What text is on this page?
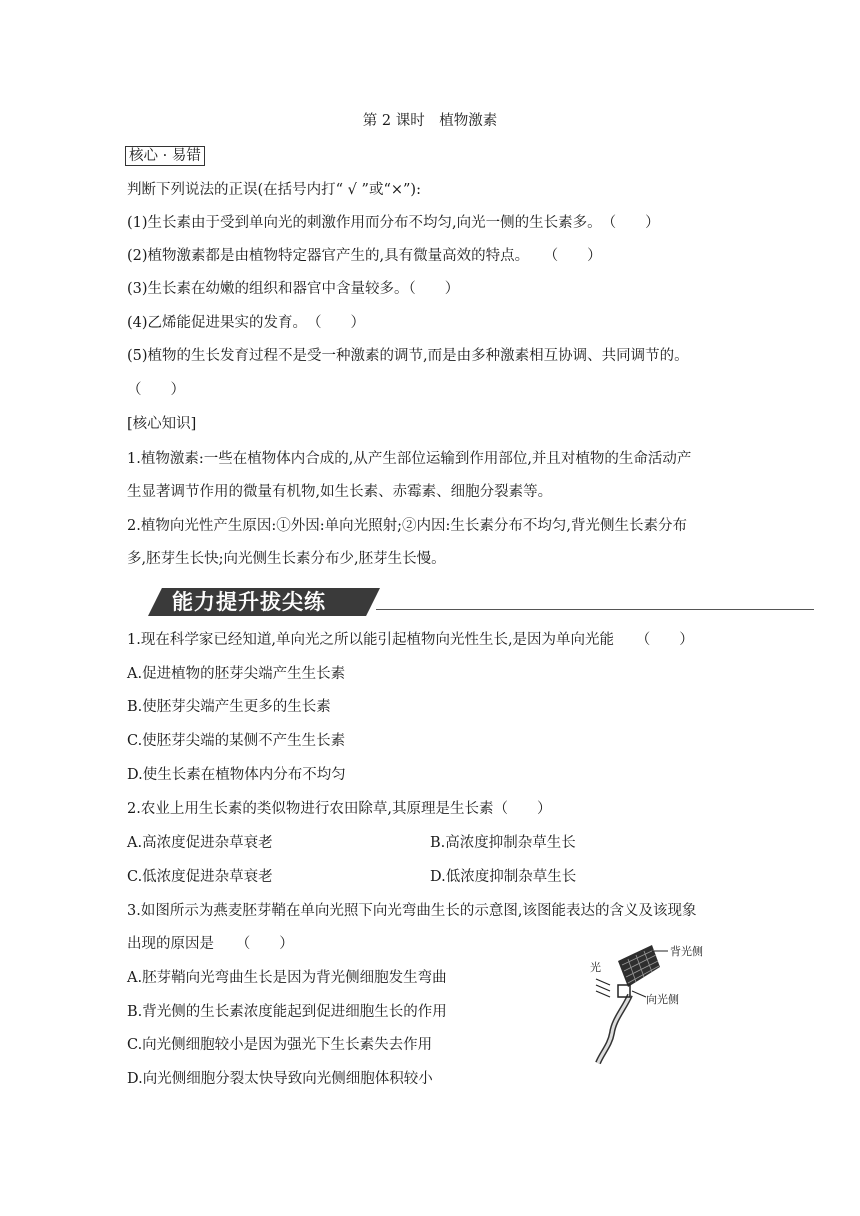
第 2 课时　植物激素
核心 · 易错
判断下列说法的正误(在括号内打“ √ ”或“×”):
(1)生长素由于受到单向光的刺激作用而分布不均匀,向光一侧的生长素多。　（　　）
(2)植物激素都是由植物特定器官产生的,具有微量高效的特点。　　（　　）
(3)生长素在幼嫩的组织和器官中含量较多。（　　）
(4)乙烯能促进果实的发育。　（　　）
(5)植物的生长发育过程不是受一种激素的调节,而是由多种激素相互协调、共同调节的。
（　　）
[核心知识]
1.植物激素:一些在植物体内合成的,从产生部位运输到作用部位,并且对植物的生命活动产
生显著调节作用的微量有机物,如生长素、赤霉素、细胞分裂素等。
2.植物向光性产生原因:①外因:单向光照射;②内因:生长素分布不均匀,背光侧生长素分布
多,胚芽生长快;向光侧生长素分布少,胚芽生长慢。
能力提升拔尖练
1.现在科学家已经知道,单向光之所以能引起植物向光性生长,是因为单向光能　　（　　）
A.促进植物的胚芽尖端产生生长素
B.使胚芽尖端产生更多的生长素
C.使胚芽尖端的某侧不产生生长素
D.使生长素在植物体内分布不均匀
2.农业上用生长素的类似物进行农田除草,其原理是生长素（　　）
A.高浓度促进杂草衰老	B.高浓度抑制杂草生长
C.低浓度促进杂草衰老	D.低浓度抑制杂草生长
3.如图所示为燕麦胚芽鞘在单向光照下向光弯曲生长的示意图,该图能表达的含义及该现象
出现的原因是　　（　　）
A.胚芽鞘向光弯曲生长是因为背光侧细胞发生弯曲
B.背光侧的生长素浓度能起到促进细胞生长的作用
C.向光侧细胞较小是因为强光下生长素失去作用
D.向光侧细胞分裂太快导致向光侧细胞体积较小
光
背光侧
向光侧
